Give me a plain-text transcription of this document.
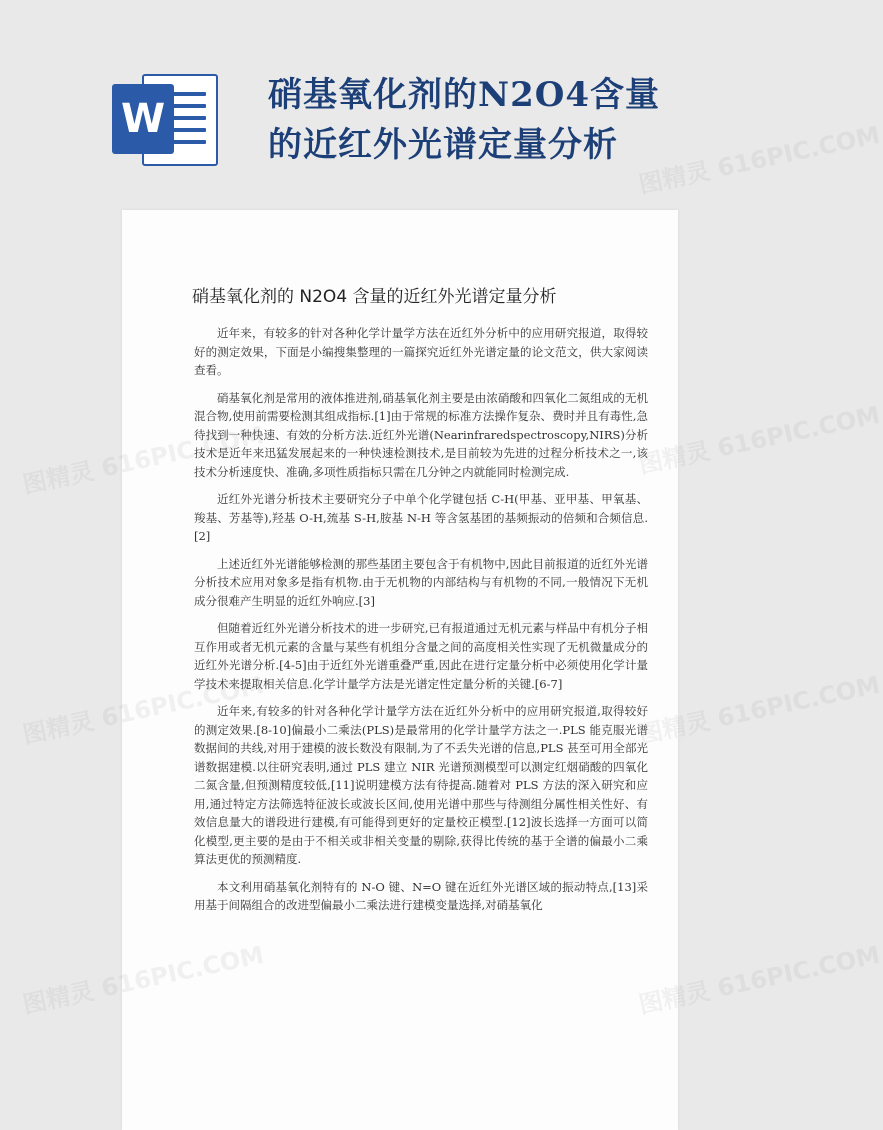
W
硝基氧化剂的N2O4含量的近红外光谱定量分析
硝基氧化剂的 N2O4 含量的近红外光谱定量分析

近年来，有较多的针对各种化学计量学方法在近红外分析中的应用研究报道，取得较好的测定效果，下面是小编搜集整理的一篇探究近红外光谱定量的论文范文，供大家阅读查看。

硝基氧化剂是常用的液体推进剂,硝基氧化剂主要是由浓硝酸和四氧化二氮组成的无机混合物,使用前需要检测其组成指标.[1]由于常规的标准方法操作复杂、费时并且有毒性,急待找到一种快速、有效的分析方法.近红外光谱(Nearinfraredspectroscopy,NIRS)分析技术是近年来迅猛发展起来的一种快速检测技术,是目前较为先进的过程分析技术之一,该技术分析速度快、准确,多项性质指标只需在几分钟之内就能同时检测完成.

近红外光谱分析技术主要研究分子中单个化学键包括 C-H(甲基、亚甲基、甲氧基、羧基、芳基等),羟基 O-H,巯基 S-H,胺基 N-H 等含氢基团的基频振动的倍频和合频信息.[2]

上述近红外光谱能够检测的那些基团主要包含于有机物中,因此目前报道的近红外光谱分析技术应用对象多是指有机物.由于无机物的内部结构与有机物的不同,一般情况下无机成分很难产生明显的近红外响应.[3]

但随着近红外光谱分析技术的进一步研究,已有报道通过无机元素与样品中有机分子相互作用或者无机元素的含量与某些有机组分含量之间的高度相关性实现了无机微量成分的近红外光谱分析.[4-5]由于近红外光谱重叠严重,因此在进行定量分析中必须使用化学计量学技术来提取相关信息.化学计量学方法是光谱定性定量分析的关键.[6-7]

近年来,有较多的针对各种化学计量学方法在近红外分析中的应用研究报道,取得较好的测定效果.[8-10]偏最小二乘法(PLS)是最常用的化学计量学方法之一.PLS 能克服光谱数据间的共线,对用于建模的波长数没有限制,为了不丢失光谱的信息,PLS 甚至可用全部光谱数据建模.以往研究表明,通过 PLS 建立 NIR 光谱预测模型可以测定红烟硝酸的四氧化二氮含量,但预测精度较低,[11]说明建模方法有待提高.随着对 PLS 方法的深入研究和应用,通过特定方法筛选特征波长或波长区间,使用光谱中那些与待测组分属性相关性好、有效信息量大的谱段进行建模,有可能得到更好的定量校正模型.[12]波长选择一方面可以简化模型,更主要的是由于不相关或非相关变量的剔除,获得比传统的基于全谱的偏最小二乘算法更优的预测精度.

本文利用硝基氧化剂特有的 N-O 键、N=O 键在近红外光谱区域的振动特点,[13]采用基于间隔组合的改进型偏最小二乘法进行建模变量选择,对硝基氧化

图精灵 616PIC.COM
图精灵	图精灵 616PIC.COM
图精灵	图精灵 616PIC.COM
图精灵	图精灵 616PIC.COM
